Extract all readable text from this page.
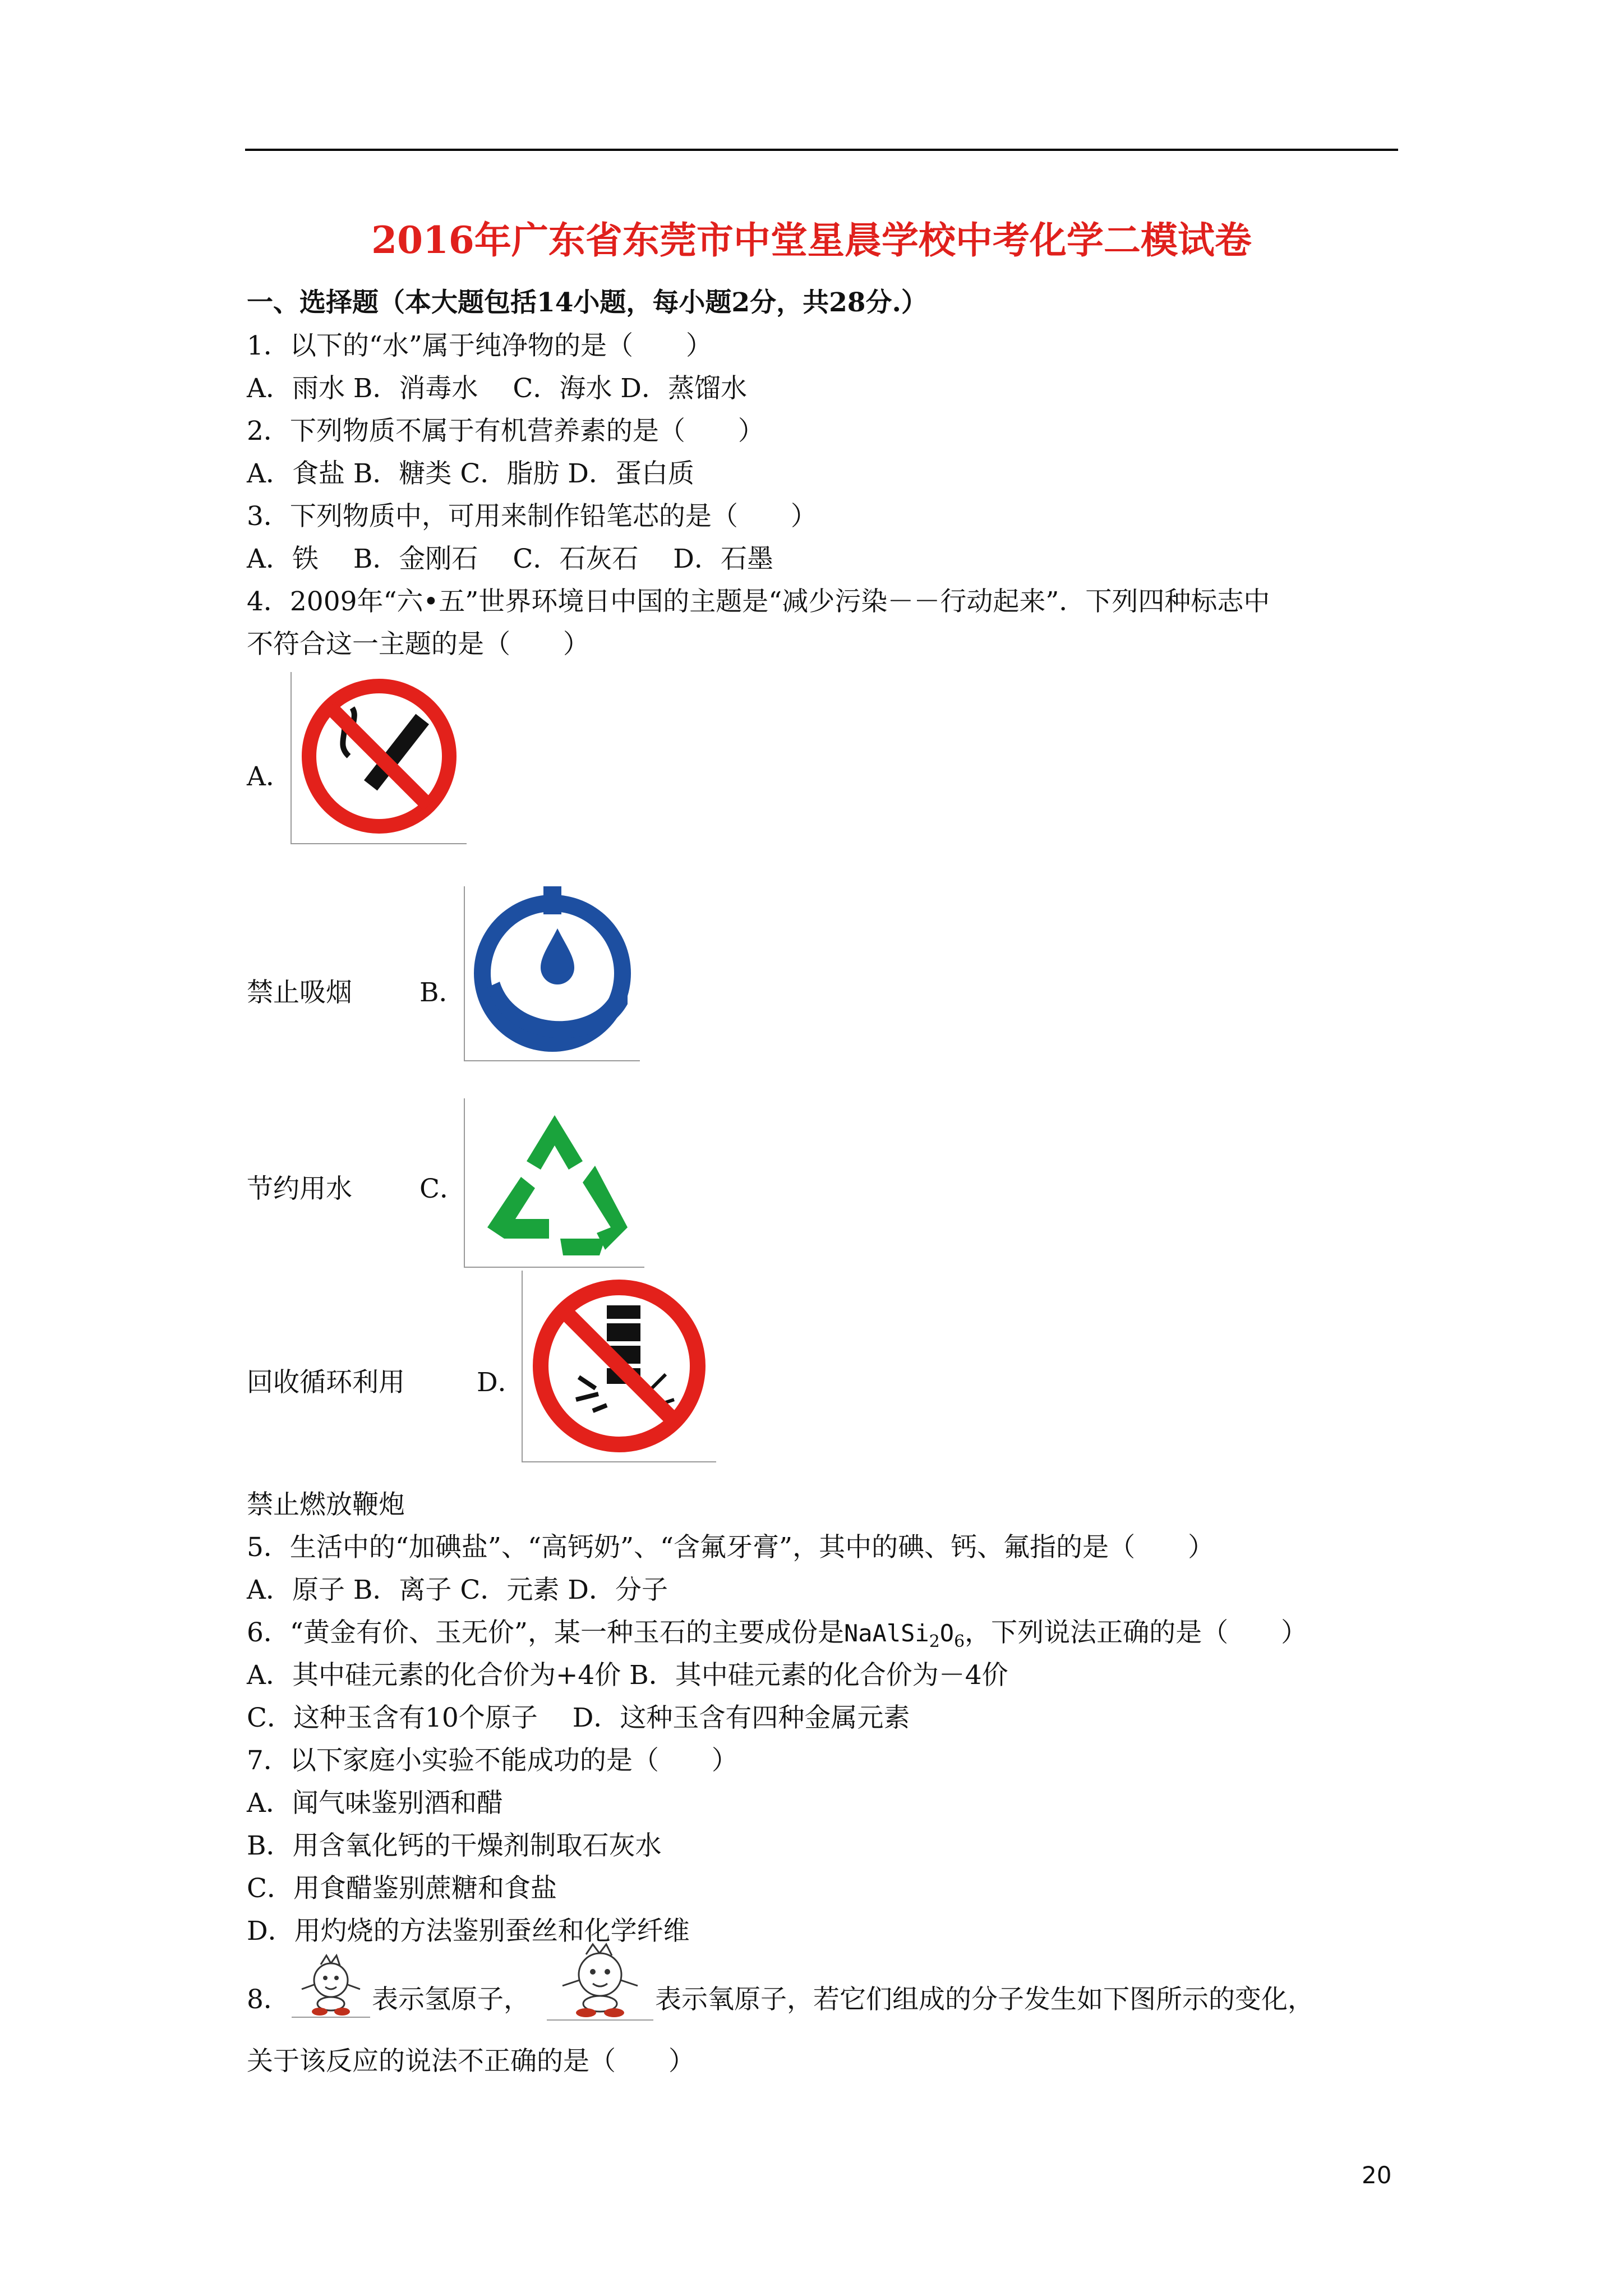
2016年广东省东莞市中堂星晨学校中考化学二模试卷
一、选择题（本大题包括14小题，每小题2分，共28分.）
1．以下的“水”属于纯净物的是（　　）
A．雨水 B．消毒水　 C．海水 D．蒸馏水
2．下列物质不属于有机营养素的是（　　）
A．食盐 B．糖类 C．脂肪 D．蛋白质
3．下列物质中，可用来制作铅笔芯的是（　　）
A．铁　 B．金刚石　 C．石灰石　 D．石墨
4．2009年“六•五”世界环境日中国的主题是“减少污染－－行动起来”．下列四种标志中
不符合这一主题的是（　　）
A．
禁止吸烟	B．
节约用水	C．
回收循环利用	D．
禁止燃放鞭炮
5．生活中的“加碘盐”、“高钙奶”、“含氟牙膏”，其中的碘、钙、氟指的是（　　）
A．原子 B．离子 C．元素 D．分子
6．“黄金有价、玉无价”，某一种玉石的主要成份是$NaAlSi_2O_6$，下列说法正确的是（　　）
A．其中硅元素的化合价为+4价 B．其中硅元素的化合价为－4价
C．这种玉含有10个原子　 D．这种玉含有四种金属元素
7．以下家庭小实验不能成功的是（　　）
A．闻气味鉴别酒和醋
B．用含氧化钙的干燥剂制取石灰水
C．用食醋鉴别蔗糖和食盐
D．用灼烧的方法鉴别蚕丝和化学纤维
8．	表示氢原子，	表示氧原子，若它们组成的分子发生如下图所示的变化，
关于该反应的说法不正确的是（　　）
20
